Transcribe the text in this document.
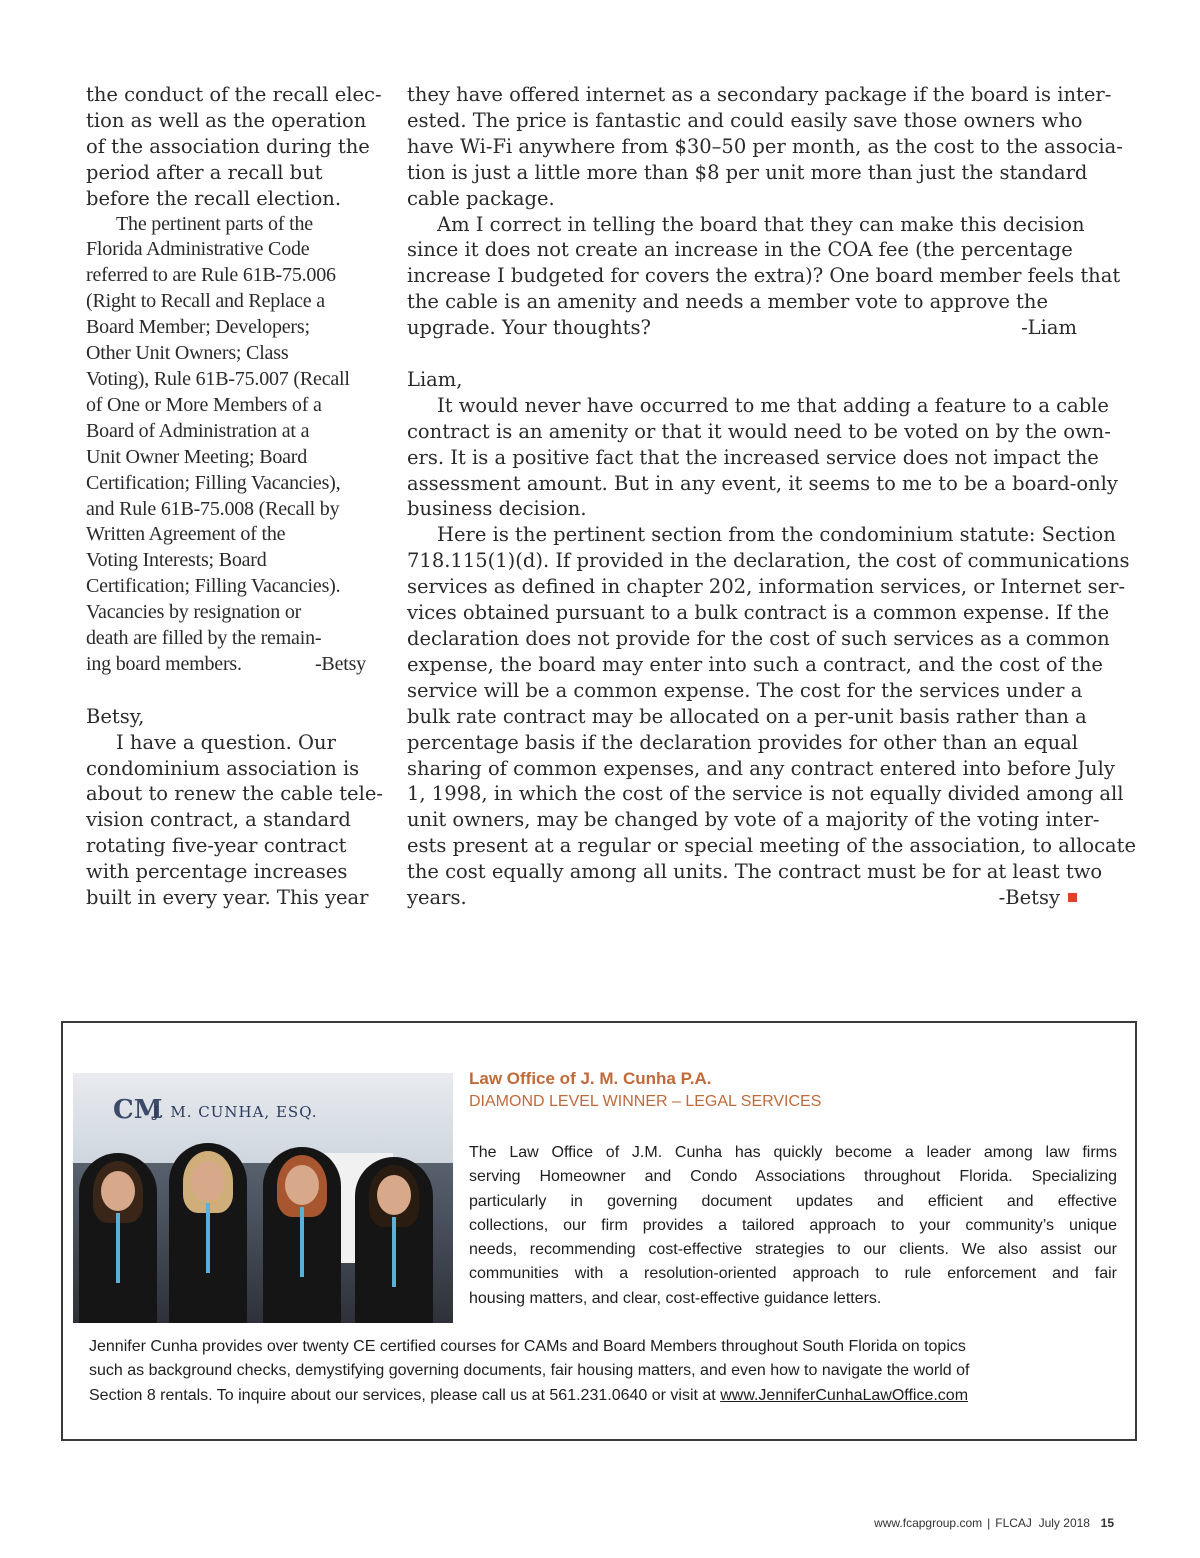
the conduct of the recall elec-
tion as well as the operation
of the association during the
period after a recall but
before the recall election.
The pertinent parts of the
Florida Administrative Code
referred to are Rule 61B-75.006
(Right to Recall and Replace a
Board Member; Developers;
Other Unit Owners; Class
Voting), Rule 61B-75.007 (Recall
of One or More Members of a
Board of Administration at a
Unit Owner Meeting; Board
Certification; Filling Vacancies),
and Rule 61B-75.008 (Recall by
Written Agreement of the
Voting Interests; Board
Certification; Filling Vacancies).
Vacancies by resignation or
death are filled by the remain-
ing board members.	-Betsy
Betsy,
I have a question. Our
condominium association is
about to renew the cable tele-
vision contract, a standard
rotating five-year contract
with percentage increases
built in every year. This year
they have offered internet as a secondary package if the board is inter-
ested. The price is fantastic and could easily save those owners who
have Wi-Fi anywhere from $30–50 per month, as the cost to the associa-
tion is just a little more than $8 per unit more than just the standard
cable package.
Am I correct in telling the board that they can make this decision
since it does not create an increase in the COA fee (the percentage
increase I budgeted for covers the extra)? One board member feels that
the cable is an amenity and needs a member vote to approve the
upgrade. Your thoughts?	-Liam
Liam,
It would never have occurred to me that adding a feature to a cable
contract is an amenity or that it would need to be voted on by the own-
ers. It is a positive fact that the increased service does not impact the
assessment amount. But in any event, it seems to me to be a board-only
business decision.
Here is the pertinent section from the condominium statute: Section
718.115(1)(d). If provided in the declaration, the cost of communications
services as defined in chapter 202, information services, or Internet ser-
vices obtained pursuant to a bulk contract is a common expense. If the
declaration does not provide for the cost of such services as a common
expense, the board may enter into such a contract, and the cost of the
service will be a common expense. The cost for the services under a
bulk rate contract may be allocated on a per-unit basis rather than a
percentage basis if the declaration provides for other than an equal
sharing of common expenses, and any contract entered into before July
1, 1998, in which the cost of the service is not equally divided among all
unit owners, may be changed by vote of a majority of the voting inter-
ests present at a regular or special meeting of the association, to allocate
the cost equally among all units. The contract must be for at least two
years.	-Betsy
CM
J. M. CUNHA, ESQ.
Law Office of J. M. Cunha P.A.
DIAMOND LEVEL WINNER – LEGAL SERVICES
The Law Office of J.M. Cunha has quickly become a leader among law firms
serving Homeowner and Condo Associations throughout Florida. Specializing
particularly in governing document updates and efficient and effective
collections, our firm provides a tailored approach to your community’s unique
needs, recommending cost-effective strategies to our clients. We also assist our
communities with a resolution-oriented approach to rule enforcement and fair
housing matters, and clear, cost-effective guidance letters.
Jennifer Cunha provides over twenty CE certified courses for CAMs and Board Members throughout South Florida on topics
such as background checks, demystifying governing documents, fair housing matters, and even how to navigate the world of
Section 8 rentals. To inquire about our services, please call us at 561.231.0640 or visit at www.JenniferCunhaLawOffice.com
www.fcapgroup.com | FLCAJ July 2018 15
